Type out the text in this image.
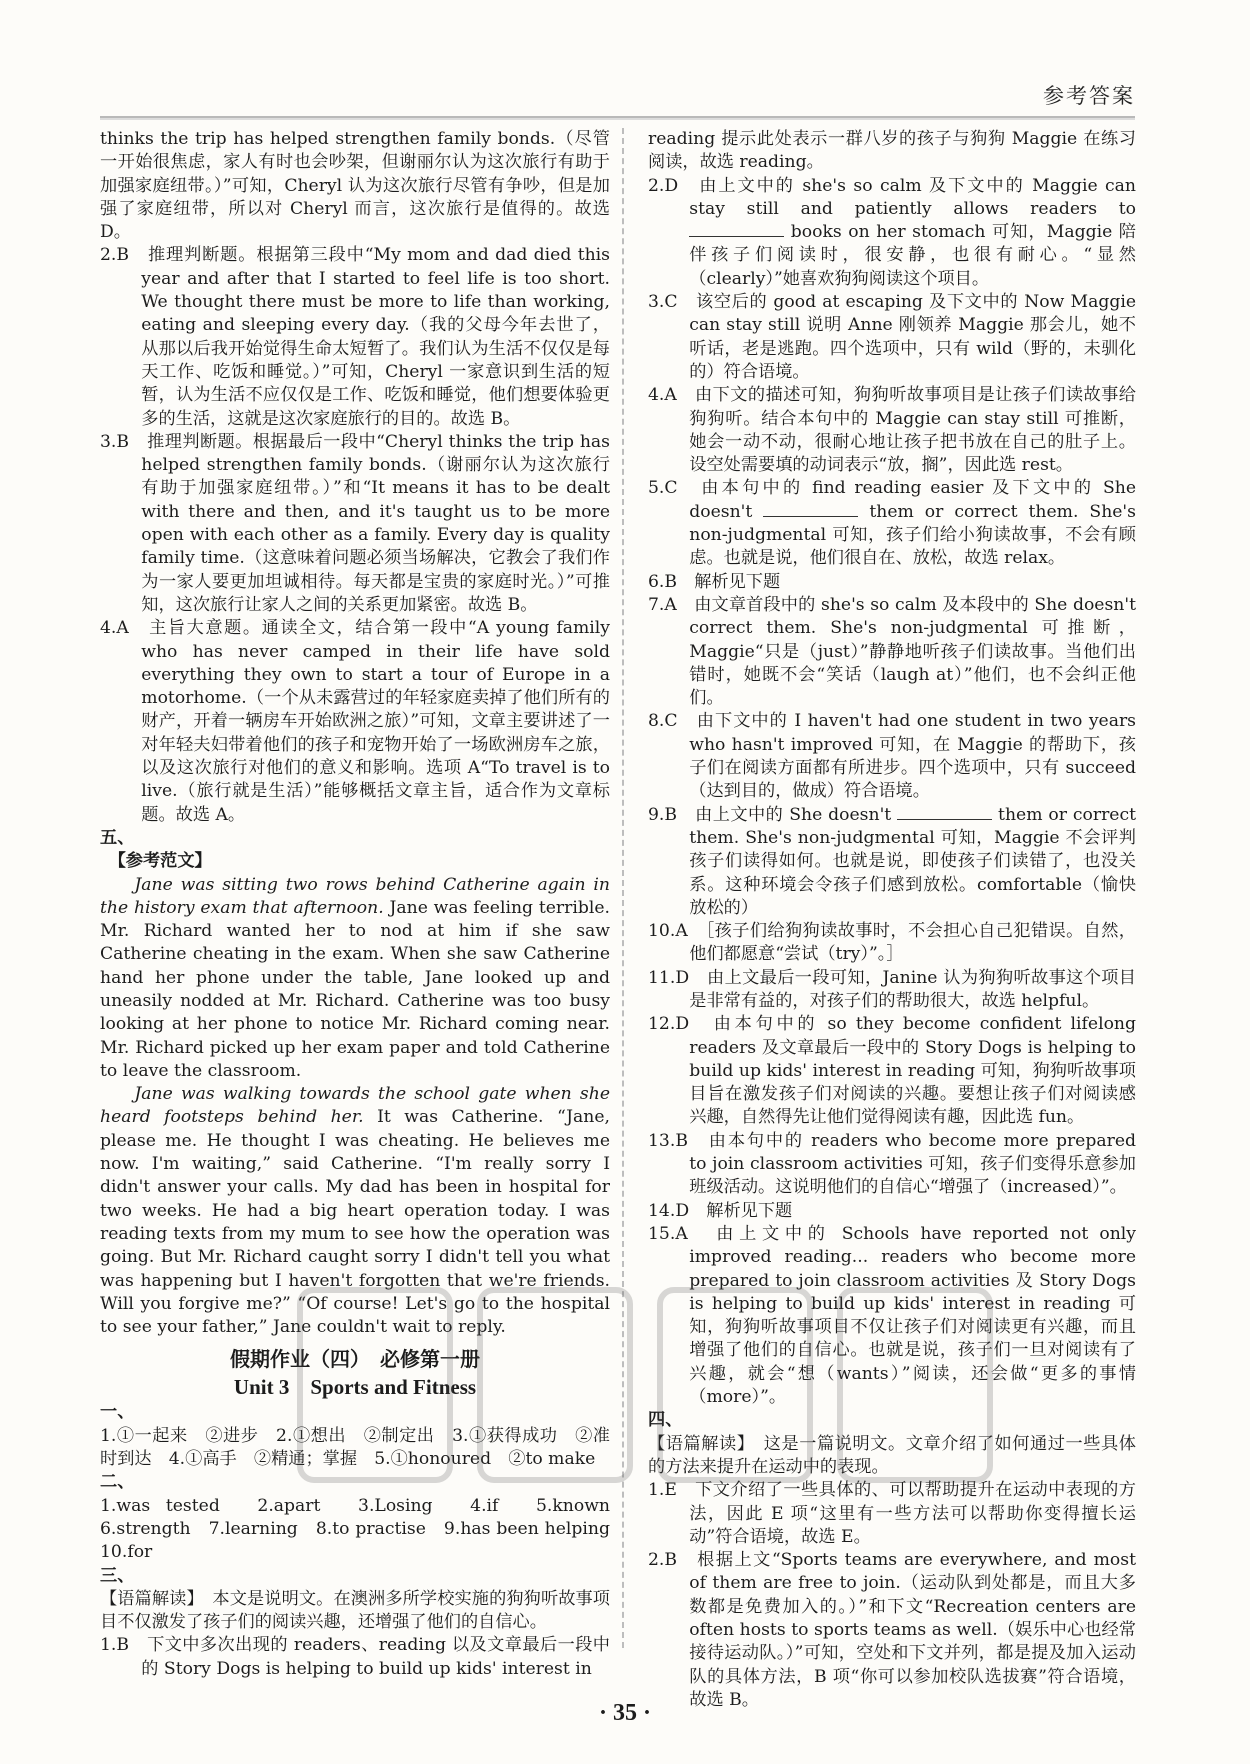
参考答案

thinks the trip has helped strengthen family bonds.（尽管一开始很焦虑，家人有时也会吵架，但谢丽尔认为这次旅行有助于加强家庭纽带。）”可知，Cheryl 认为这次旅行尽管有争吵，但是加强了家庭纽带，所以对 Cheryl 而言，这次旅行是值得的。故选 D。

2.B　推理判断题。根据第三段中“My mom and dad died this year and after that I started to feel life is too short. We thought there must be more to life than working, eating and sleeping every day.（我的父母今年去世了，从那以后我开始觉得生命太短暂了。我们认为生活不仅仅是每天工作、吃饭和睡觉。）”可知，Cheryl 一家意识到生活的短暂，认为生活不应仅仅是工作、吃饭和睡觉，他们想要体验更多的生活，这就是这次家庭旅行的目的。故选 B。

3.B　推理判断题。根据最后一段中“Cheryl thinks the trip has helped strengthen family bonds.（谢丽尔认为这次旅行有助于加强家庭纽带。）”和“It means it has to be dealt with there and then, and it's taught us to be more open with each other as a family. Every day is quality family time.（这意味着问题必须当场解决，它教会了我们作为一家人要更加坦诚相待。每天都是宝贵的家庭时光。）”可推知，这次旅行让家人之间的关系更加紧密。故选 B。

4.A　主旨大意题。通读全文，结合第一段中“A young family who has never camped in their life have sold everything they own to start a tour of Europe in a motorhome.（一个从未露营过的年轻家庭卖掉了他们所有的财产，开着一辆房车开始欧洲之旅）”可知，文章主要讲述了一对年轻夫妇带着他们的孩子和宠物开始了一场欧洲房车之旅，以及这次旅行对他们的意义和影响。选项 A“To travel is to live.（旅行就是生活）”能够概括文章主旨，适合作为文章标题。故选 A。

五、

　【参考范文】

Jane was sitting two rows behind Catherine again in the history exam that afternoon. Jane was feeling terrible. Mr. Richard wanted her to nod at him if she saw Catherine cheating in the exam. When she saw Catherine hand her phone under the table, Jane looked up and uneasily nodded at Mr. Richard. Catherine was too busy looking at her phone to notice Mr. Richard coming near. Mr. Richard picked up her exam paper and told Catherine to leave the classroom.

Jane was walking towards the school gate when she heard footsteps behind her. It was Catherine. “Jane, please me. He thought I was cheating. He believes me now. I'm waiting,” said Catherine. “I'm really sorry I didn't answer your calls. My dad has been in hospital for two weeks. He had a big heart operation today. I was reading texts from my mum to see how the operation was going. But Mr. Richard caught sorry I didn't tell you what was happening but I haven't forgotten that we're friends. Will you forgive me?” “Of course! Let's go to the hospital to see your father,” Jane couldn't wait to reply.

假期作业（四）　必修第一册
Unit 3　Sports and Fitness

一、

1.①一起来　②进步　2.①想出　②制定出　3.①获得成功　②准时到达　4.①高手　②精通；掌握　5.①honoured　②to make

二、

1.was tested　2.apart　3.Losing　4.if　5.known　6.strength　7.learning　8.to practise　9.has been helping　10.for

三、

【语篇解读】　本文是说明文。在澳洲多所学校实施的狗狗听故事项目不仅激发了孩子们的阅读兴趣，还增强了他们的自信心。

1.B　下文中多次出现的 readers、reading 以及文章最后一段中的 Story Dogs is helping to build up kids' interest in

reading 提示此处表示一群八岁的孩子与狗狗 Maggie 在练习阅读，故选 reading。

2.D　由上文中的 she's so calm 及下文中的 Maggie can stay still and patiently allows readers to  books on her stomach 可知，Maggie 陪伴孩子们阅读时，很安静，也很有耐心。“显然（clearly）”她喜欢狗狗阅读这个项目。

3.C　该空后的 good at escaping 及下文中的 Now Maggie can stay still 说明 Anne 刚领养 Maggie 那会儿，她不听话，老是逃跑。四个选项中，只有 wild（野的，未驯化的）符合语境。

4.A　由下文的描述可知，狗狗听故事项目是让孩子们读故事给狗狗听。结合本句中的 Maggie can stay still 可推断，她会一动不动，很耐心地让孩子把书放在自己的肚子上。设空处需要填的动词表示“放，搁”，因此选 rest。

5.C　由本句中的 find reading easier 及下文中的 She doesn't	them or correct them. She's non-judgmental 可知，孩子们给小狗读故事，不会有顾虑。也就是说，他们很自在、放松，故选 relax。

6.B　解析见下题

7.A　由文章首段中的 she's so calm 及本段中的 She doesn't correct them. She's non-judgmental 可推断，Maggie“只是（just）”静静地听孩子们读故事。当他们出错时，她既不会“笑话（laugh at）”他们，也不会纠正他们。

8.C　由下文中的 I haven't had one student in two years who hasn't improved 可知，在 Maggie 的帮助下，孩子们在阅读方面都有所进步。四个选项中，只有 succeed（达到目的，做成）符合语境。

9.B　由上文中的 She doesn't	them or correct them. She's non-judgmental 可知，Maggie 不会评判孩子们读得如何。也就是说，即使孩子们读错了，也没关系。这种环境会令孩子们感到放松。comfortable（愉快放松的）

10.A　［孩子们给狗狗读故事时，不会担心自己犯错误。自然，他们都愿意“尝试（try）”。］

11.D　由上文最后一段可知，Janine 认为狗狗听故事这个项目是非常有益的，对孩子们的帮助很大，故选 helpful。

12.D　由本句中的 so they become confident lifelong readers 及文章最后一段中的 Story Dogs is helping to build up kids' interest in reading 可知，狗狗听故事项目旨在激发孩子们对阅读的兴趣。要想让孩子们对阅读感兴趣，自然得先让他们觉得阅读有趣，因此选 fun。

13.B　由本句中的 readers who become more prepared to join classroom activities 可知，孩子们变得乐意参加班级活动。这说明他们的自信心“增强了（increased）”。

14.D　解析见下题

15.A　由上文中的 Schools have reported not only improved reading... readers who become more prepared to join classroom activities 及 Story Dogs is helping to build up kids' interest in reading 可知，狗狗听故事项目不仅让孩子们对阅读更有兴趣，而且增强了他们的自信心。也就是说，孩子们一旦对阅读有了兴趣，就会“想（wants）”阅读，还会做“更多的事情（more）”。

四、

【语篇解读】　这是一篇说明文。文章介绍了如何通过一些具体的方法来提升在运动中的表现。

1.E　下文介绍了一些具体的、可以帮助提升在运动中表现的方法，因此 E 项“这里有一些方法可以帮助你变得擅长运动”符合语境，故选 E。

2.B　根据上文“Sports teams are everywhere, and most of them are free to join.（运动队到处都是，而且大多数都是免费加入的。）”和下文“Recreation centers are often hosts to sports teams as well.（娱乐中心也经常接待运动队。）”可知，空处和下文并列，都是提及加入运动队的具体方法，B 项“你可以参加校队选拔赛”符合语境，故选 B。

· 35 ·
